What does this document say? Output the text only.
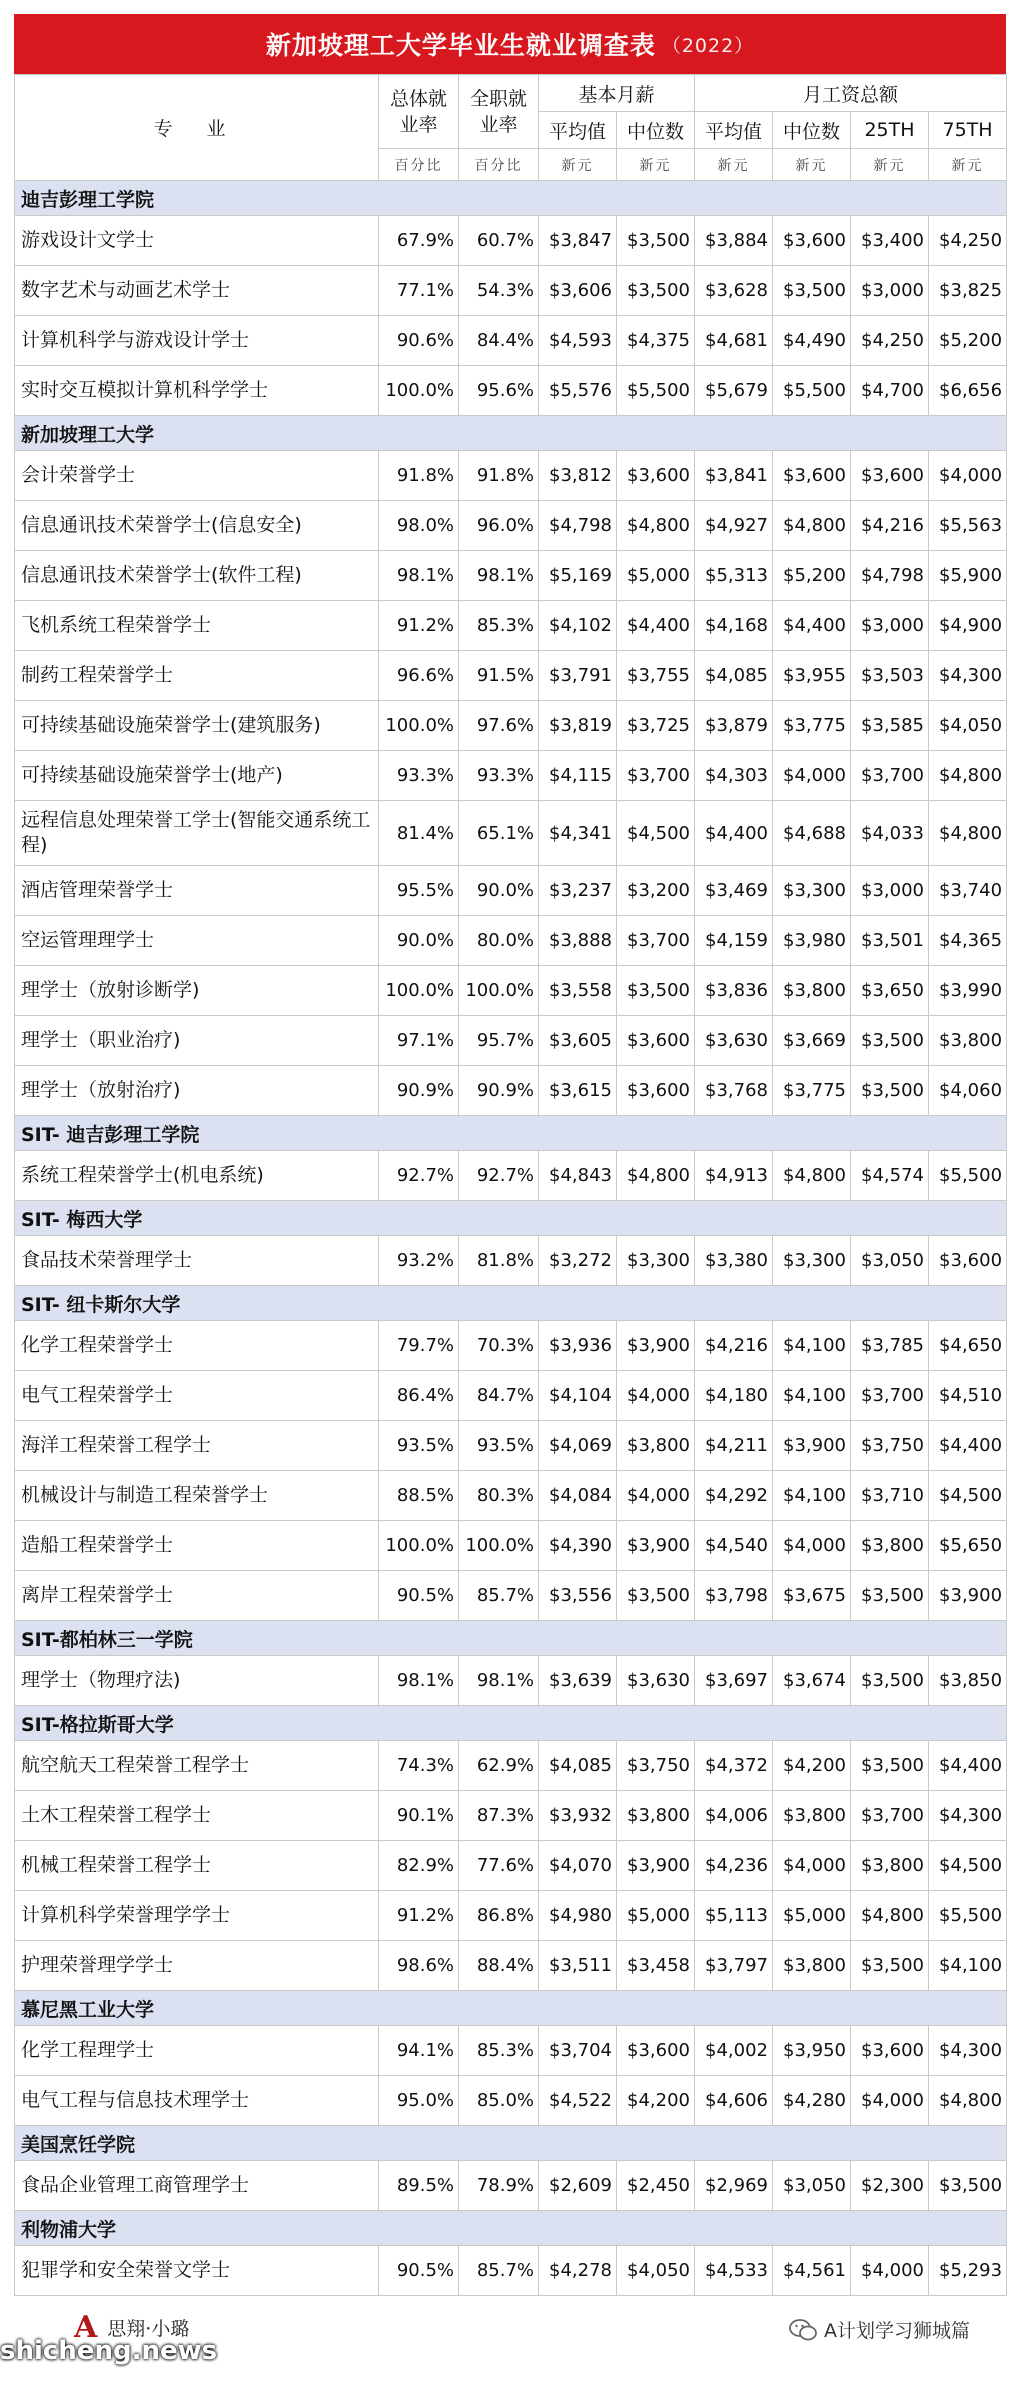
新加坡理工大学毕业生就业调查表 （2022）
专 业	总体就业率	全职就业率	基本月薪		月工资总额			
			平均值	中位数	平均值	中位数	25TH	75TH
	百分比	百分比	新元	新元	新元	新元	新元	新元
迪吉彭理工学院								
游戏设计文学士	67.9%	60.7%	$3,847	$3,500	$3,884	$3,600	$3,400	$4,250
数字艺术与动画艺术学士	77.1%	54.3%	$3,606	$3,500	$3,628	$3,500	$3,000	$3,825
计算机科学与游戏设计学士	90.6%	84.4%	$4,593	$4,375	$4,681	$4,490	$4,250	$5,200
实时交互模拟计算机科学学士	100.0%	95.6%	$5,576	$5,500	$5,679	$5,500	$4,700	$6,656
新加坡理工大学								
会计荣誉学士	91.8%	91.8%	$3,812	$3,600	$3,841	$3,600	$3,600	$4,000
信息通讯技术荣誉学士(信息安全)	98.0%	96.0%	$4,798	$4,800	$4,927	$4,800	$4,216	$5,563
信息通讯技术荣誉学士(软件工程)	98.1%	98.1%	$5,169	$5,000	$5,313	$5,200	$4,798	$5,900
飞机系统工程荣誉学士	91.2%	85.3%	$4,102	$4,400	$4,168	$4,400	$3,000	$4,900
制药工程荣誉学士	96.6%	91.5%	$3,791	$3,755	$4,085	$3,955	$3,503	$4,300
可持续基础设施荣誉学士(建筑服务)	100.0%	97.6%	$3,819	$3,725	$3,879	$3,775	$3,585	$4,050
可持续基础设施荣誉学士(地产)	93.3%	93.3%	$4,115	$3,700	$4,303	$4,000	$3,700	$4,800
远程信息处理荣誉工学士(智能交通系统工程)	81.4%	65.1%	$4,341	$4,500	$4,400	$4,688	$4,033	$4,800
酒店管理荣誉学士	95.5%	90.0%	$3,237	$3,200	$3,469	$3,300	$3,000	$3,740
空运管理理学士	90.0%	80.0%	$3,888	$3,700	$4,159	$3,980	$3,501	$4,365
理学士（放射诊断学)	100.0%	100.0%	$3,558	$3,500	$3,836	$3,800	$3,650	$3,990
理学士（职业治疗)	97.1%	95.7%	$3,605	$3,600	$3,630	$3,669	$3,500	$3,800
理学士（放射治疗)	90.9%	90.9%	$3,615	$3,600	$3,768	$3,775	$3,500	$4,060
SIT- 迪吉彭理工学院								
系统工程荣誉学士(机电系统)	92.7%	92.7%	$4,843	$4,800	$4,913	$4,800	$4,574	$5,500
SIT- 梅西大学								
食品技术荣誉理学士	93.2%	81.8%	$3,272	$3,300	$3,380	$3,300	$3,050	$3,600
SIT- 纽卡斯尔大学								
化学工程荣誉学士	79.7%	70.3%	$3,936	$3,900	$4,216	$4,100	$3,785	$4,650
电气工程荣誉学士	86.4%	84.7%	$4,104	$4,000	$4,180	$4,100	$3,700	$4,510
海洋工程荣誉工程学士	93.5%	93.5%	$4,069	$3,800	$4,211	$3,900	$3,750	$4,400
机械设计与制造工程荣誉学士	88.5%	80.3%	$4,084	$4,000	$4,292	$4,100	$3,710	$4,500
造船工程荣誉学士	100.0%	100.0%	$4,390	$3,900	$4,540	$4,000	$3,800	$5,650
离岸工程荣誉学士	90.5%	85.7%	$3,556	$3,500	$3,798	$3,675	$3,500	$3,900
SIT-都柏林三一学院								
理学士（物理疗法)	98.1%	98.1%	$3,639	$3,630	$3,697	$3,674	$3,500	$3,850
SIT-格拉斯哥大学								
航空航天工程荣誉工程学士	74.3%	62.9%	$4,085	$3,750	$4,372	$4,200	$3,500	$4,400
土木工程荣誉工程学士	90.1%	87.3%	$3,932	$3,800	$4,006	$3,800	$3,700	$4,300
机械工程荣誉工程学士	82.9%	77.6%	$4,070	$3,900	$4,236	$4,000	$3,800	$4,500
计算机科学荣誉理学学士	91.2%	86.8%	$4,980	$5,000	$5,113	$5,000	$4,800	$5,500
护理荣誉理学学士	98.6%	88.4%	$3,511	$3,458	$3,797	$3,800	$3,500	$4,100
慕尼黑工业大学								
化学工程理学士	94.1%	85.3%	$3,704	$3,600	$4,002	$3,950	$3,600	$4,300
电气工程与信息技术理学士	95.0%	85.0%	$4,522	$4,200	$4,606	$4,280	$4,000	$4,800
美国烹饪学院								
食品企业管理工商管理学士	89.5%	78.9%	$2,609	$2,450	$2,969	$3,050	$2,300	$3,500
利物浦大学								
犯罪学和安全荣誉文学士	90.5%	85.7%	$4,278	$4,050	$4,533	$4,561	$4,000	$5,293
A 思翔·小璐
shicheng.news
A计划学习狮城篇
